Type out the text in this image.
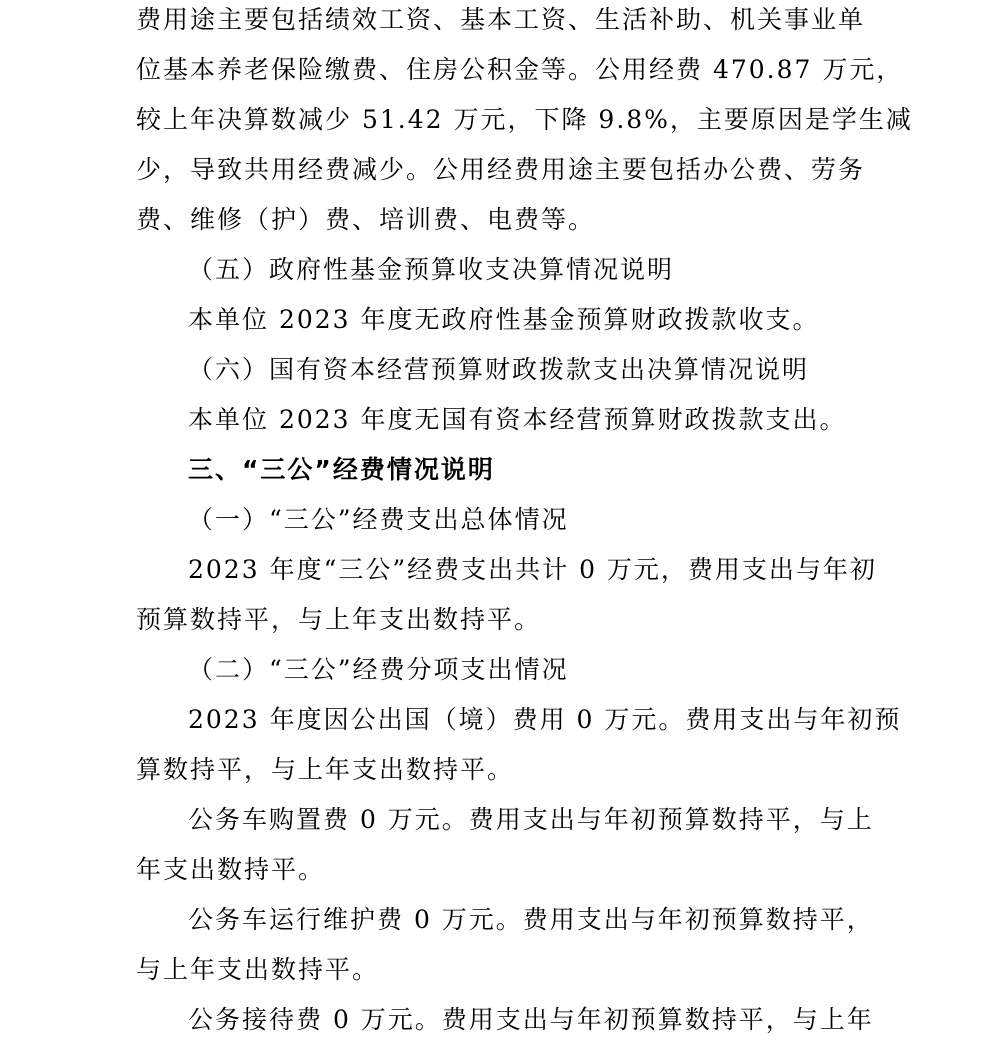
费用途主要包括绩效工资、基本工资、生活补助、机关事业单
位基本养老保险缴费、住房公积金等。公用经费 470.87 万元，
较上年决算数减少 51.42 万元，下降 9.8%，主要原因是学生减
少，导致共用经费减少。公用经费用途主要包括办公费、劳务
费、维修（护）费、培训费、电费等。
（五）政府性基金预算收支决算情况说明
本单位 2023 年度无政府性基金预算财政拨款收支。
（六）国有资本经营预算财政拨款支出决算情况说明
本单位 2023 年度无国有资本经营预算财政拨款支出。
三、“三公”经费情况说明
（一）“三公”经费支出总体情况
2023 年度“三公”经费支出共计 0 万元，费用支出与年初
预算数持平，与上年支出数持平。
（二）“三公”经费分项支出情况
2023 年度因公出国（境）费用 0 万元。费用支出与年初预
算数持平，与上年支出数持平。
公务车购置费 0 万元。费用支出与年初预算数持平，与上
年支出数持平。
公务车运行维护费 0 万元。费用支出与年初预算数持平，
与上年支出数持平。
公务接待费 0 万元。费用支出与年初预算数持平，与上年
